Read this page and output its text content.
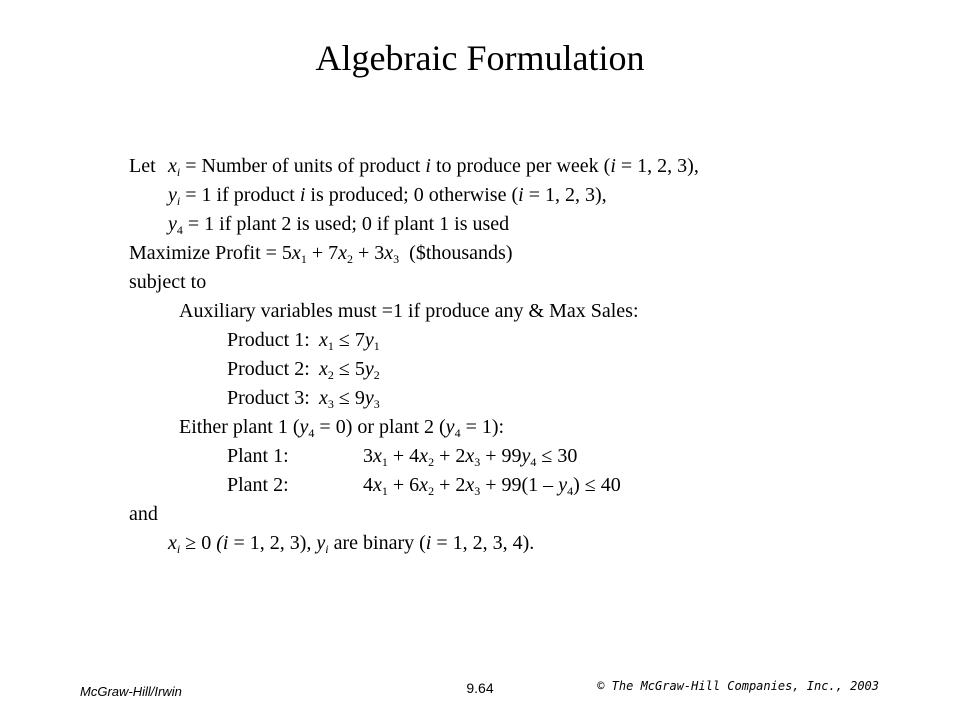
Algebraic Formulation
Let $x_i$ = Number of units of product i to produce per week (i = 1, 2, 3),
$y_i = 1$ if product i is produced; 0 otherwise (i = 1, 2, 3),
$y_4 = 1$ if plant 2 is used; 0 if plant 1 is used
Maximize Profit = $5x_1 + 7x_2 + 3x_3$  ($thousands)
subject to
Auxiliary variables must =1 if produce any & Max Sales:
Product 1: $x_1 \le 7y_1$
Product 2: $x_2 \le 5y_2$
Product 3: $x_3 \le 9y_3$
Either plant 1 $(y_4 = 0)$ or plant 2 $(y_4 = 1)$:
Plant 1:	$3x_1 + 4x_2 + 2x_3 + 99y_4 \le 30$
Plant 2:	$4x_1 + 6x_2 + 2x_3 + 99(1 - y_4) \le 40$
and
$x_i \ge 0$ (i = 1, 2, 3), $y_i$ are binary (i = 1, 2, 3, 4).
McGraw-Hill/Irwin	9.64	© The McGraw-Hill Companies, Inc., 2003
